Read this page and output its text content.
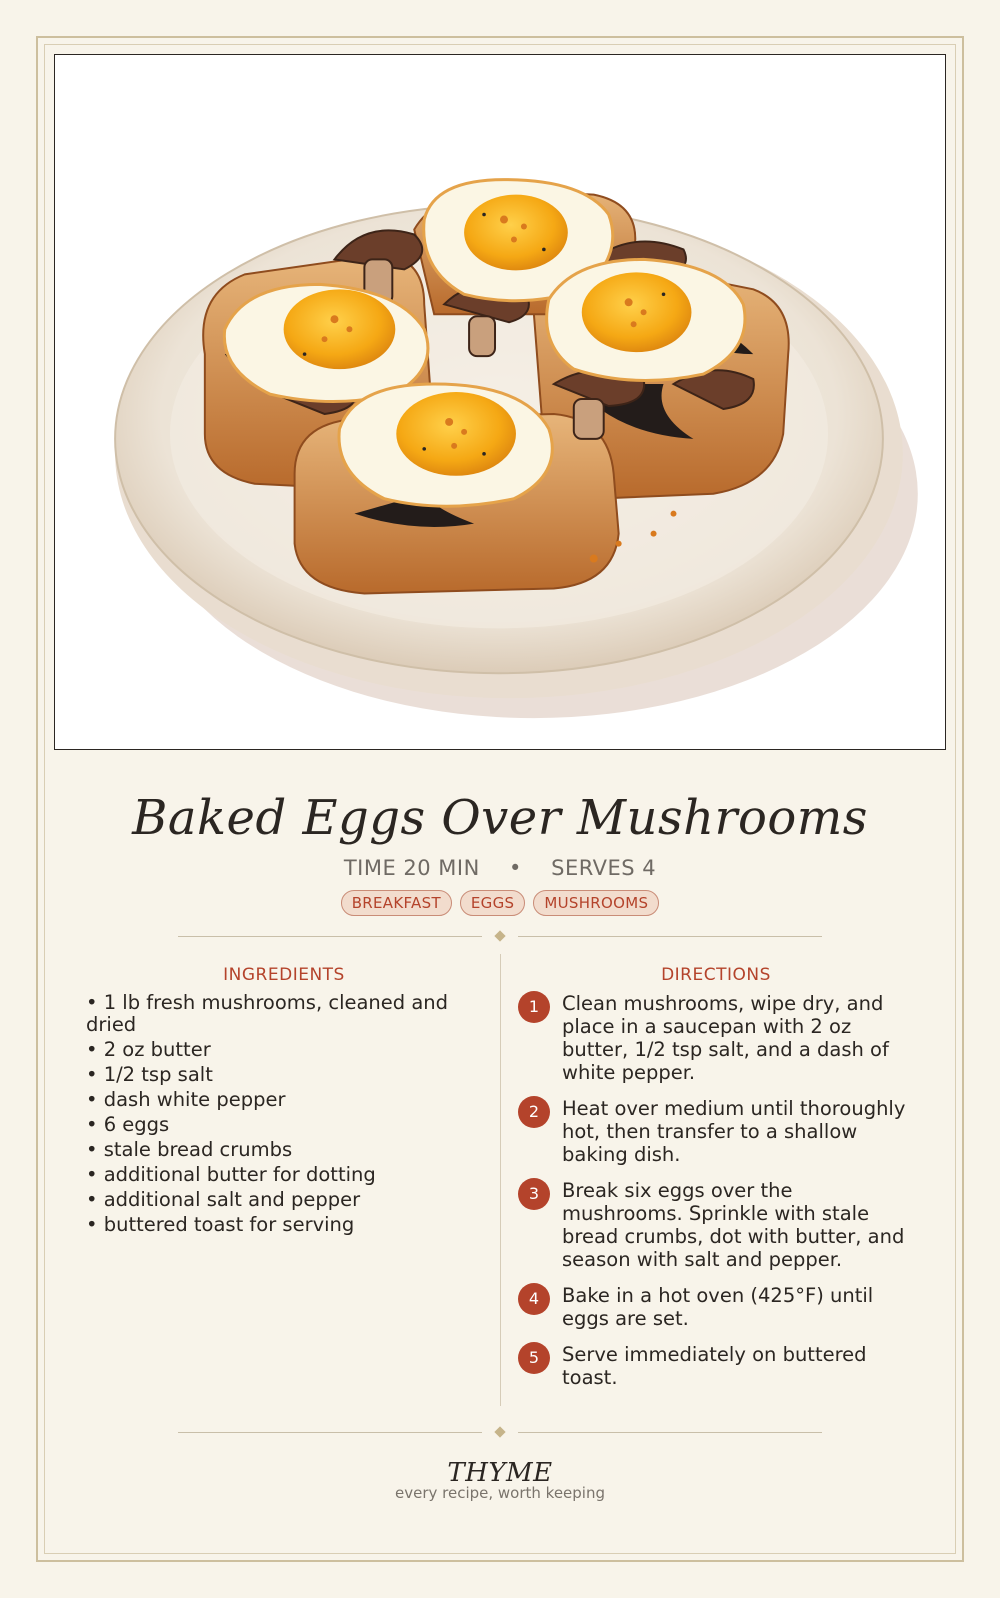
Baked Eggs Over Mushrooms
TIME 20 MIN • SERVES 4
BREAKFAST EGGS MUSHROOMS
INGREDIENTS
• 1 lb fresh mushrooms, cleaned and dried
• 2 oz butter
• 1/2 tsp salt
• dash white pepper
• 6 eggs
• stale bread crumbs
• additional butter for dotting
• additional salt and pepper
• buttered toast for serving
DIRECTIONS
1	Clean mushrooms, wipe dry, and place in a saucepan with 2 oz butter, 1/2 tsp salt, and a dash of white pepper.
2	Heat over medium until thoroughly hot, then transfer to a shallow baking dish.
3	Break six eggs over the mushrooms. Sprinkle with stale bread crumbs, dot with butter, and season with salt and pepper.
4	Bake in a hot oven (425°F) until eggs are set.
5	Serve immediately on buttered toast.
THYME
every recipe, worth keeping
